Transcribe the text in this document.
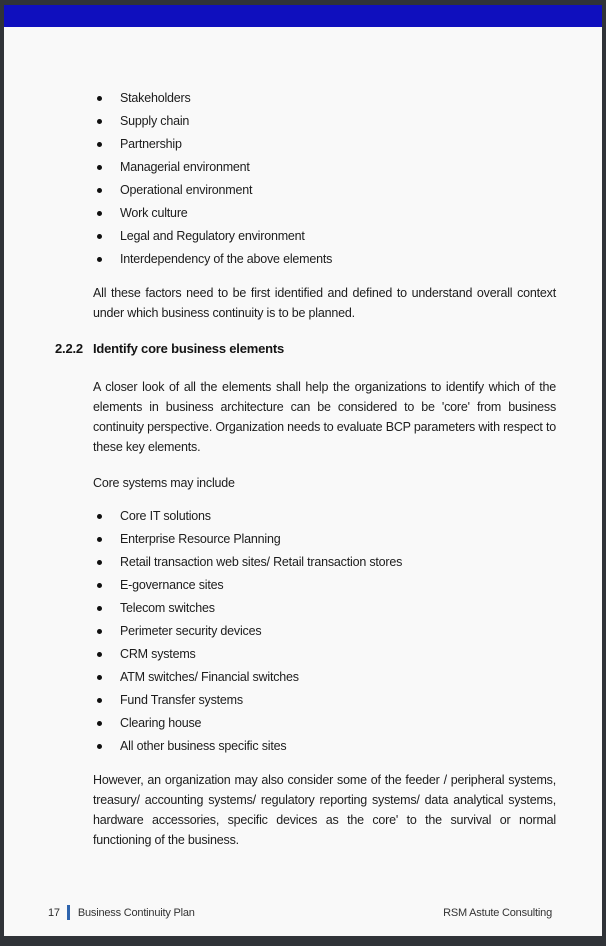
Stakeholders
Supply chain
Partnership
Managerial environment
Operational environment
Work culture
Legal and Regulatory environment
Interdependency of the above elements

All these factors need to be first identified and defined to understand overall context under which business continuity is to be planned.

2.2.2 Identify core business elements

A closer look of all the elements shall help the organizations to identify which of the elements in business architecture can be considered to be 'core' from business continuity perspective. Organization needs to evaluate BCP parameters with respect to these key elements.

Core systems may include

Core IT solutions
Enterprise Resource Planning
Retail transaction web sites/ Retail transaction stores
E-governance sites
Telecom switches
Perimeter security devices
CRM systems
ATM switches/ Financial switches
Fund Transfer systems
Clearing house
All other business specific sites

However, an organization may also consider some of the feeder / peripheral systems, treasury/ accounting systems/ regulatory reporting systems/ data analytical systems, hardware accessories, specific devices as the core' to the survival or normal functioning of the business.

17 Business Continuity Plan	RSM Astute Consulting
